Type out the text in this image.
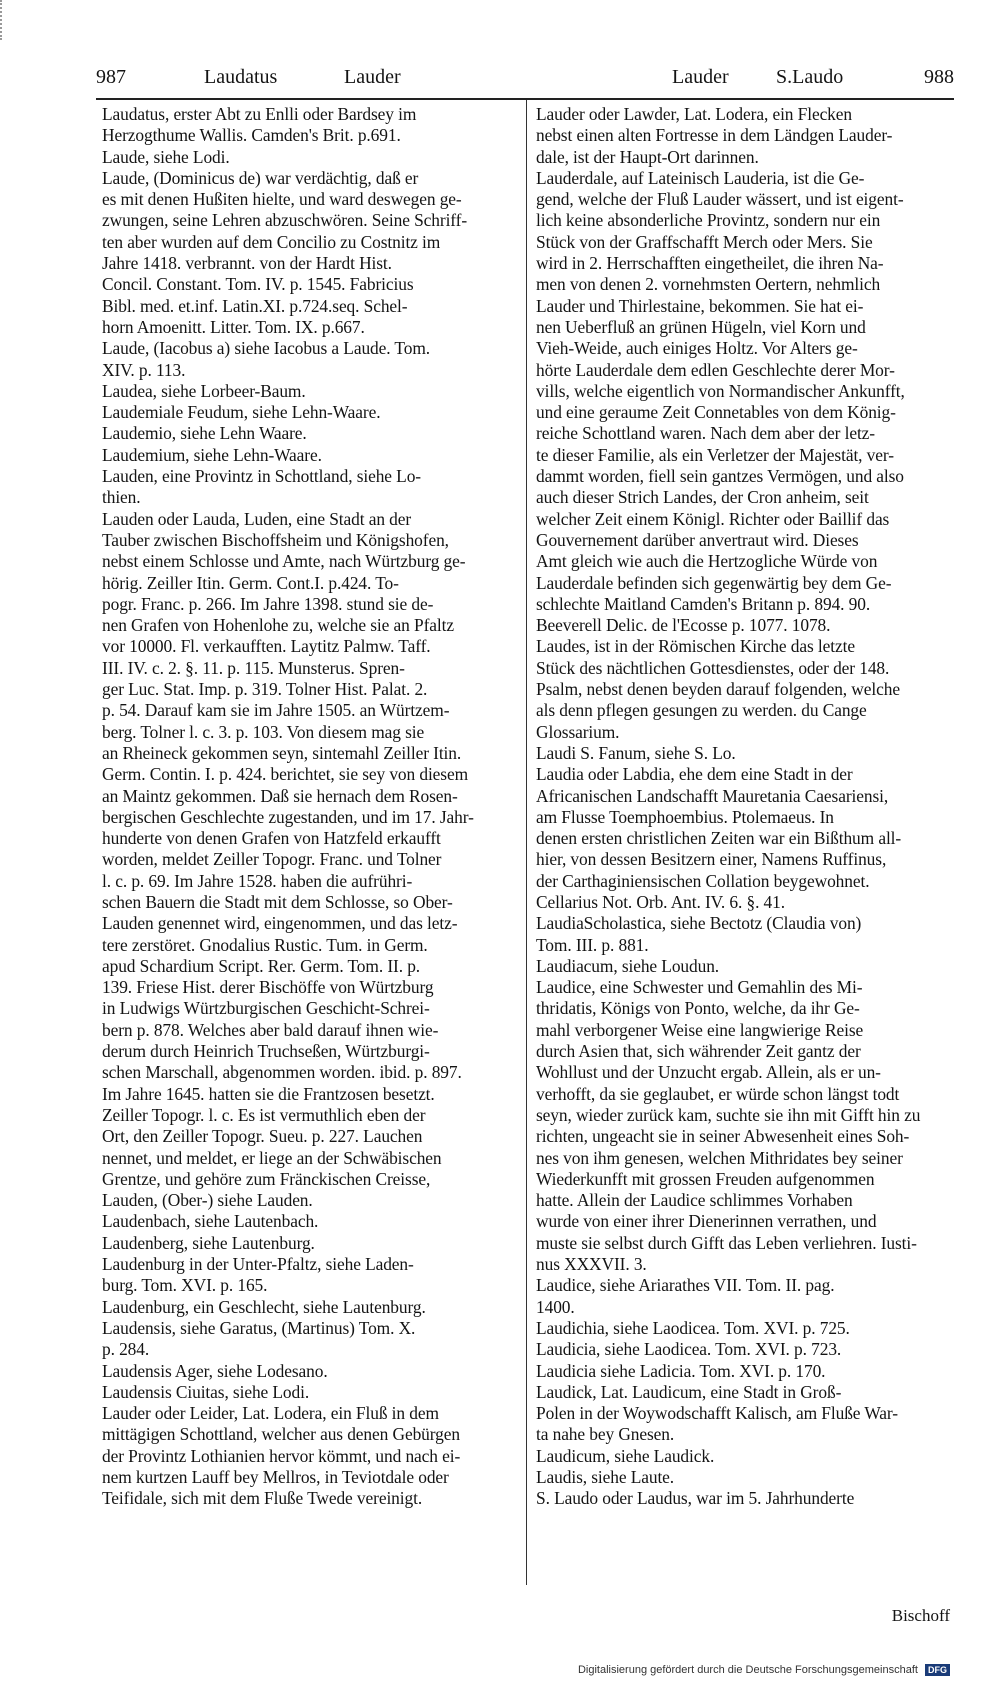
987	Laudatus	Lauder	Lauder S.Laudo	988
Laudatus, erster Abt zu Enlli oder Bardsey im
Herzogthume Wallis. Camden's Brit. p.691.
Laude, siehe Lodi.
Laude, (Dominicus de) war verdächtig, daß er
es mit denen Hußiten hielte, und ward deswegen ge-
zwungen, seine Lehren abzuschwören. Seine Schriff-
ten aber wurden auf dem Concilio zu Costnitz im
Jahre 1418. verbrannt. von der Hardt Hist.
Concil. Constant. Tom. IV. p. 1545. Fabricius
Bibl. med. et.inf. Latin.XI. p.724.seq. Schel-
horn Amoenitt. Litter. Tom. IX. p.667.
Laude, (Iacobus a) siehe Iacobus a Laude. Tom.
XIV. p. 113.
Laudea, siehe Lorbeer-Baum.
Laudemiale Feudum, siehe Lehn-Waare.
Laudemio, siehe Lehn Waare.
Laudemium, siehe Lehn-Waare.
Lauden, eine Provintz in Schottland, siehe Lo-
thien.
Lauden oder Lauda, Luden, eine Stadt an der
Tauber zwischen Bischoffsheim und Königshofen,
nebst einem Schlosse und Amte, nach Würtzburg ge-
hörig. Zeiller Itin. Germ. Cont.I. p.424. To-
pogr. Franc. p. 266. Im Jahre 1398. stund sie de-
nen Grafen von Hohenlohe zu, welche sie an Pfaltz
vor 10000. Fl. verkaufften. Laytitz Palmw. Taff.
III. IV. c. 2. §. 11. p. 115. Munsterus. Spren-
ger Luc. Stat. Imp. p. 319. Tolner Hist. Palat. 2.
p. 54. Darauf kam sie im Jahre 1505. an Würtzem-
berg. Tolner l. c. 3. p. 103. Von diesem mag sie
an Rheineck gekommen seyn, sintemahl Zeiller Itin.
Germ. Contin. I. p. 424. berichtet, sie sey von diesem
an Maintz gekommen. Daß sie hernach dem Rosen-
bergischen Geschlechte zugestanden, und im 17. Jahr-
hunderte von denen Grafen von Hatzfeld erkaufft
worden, meldet Zeiller Topogr. Franc. und Tolner
l. c. p. 69. Im Jahre 1528. haben die aufrühri-
schen Bauern die Stadt mit dem Schlosse, so Ober-
Lauden genennet wird, eingenommen, und das letz-
tere zerstöret. Gnodalius Rustic. Tum. in Germ.
apud Schardium Script. Rer. Germ. Tom. II. p.
139. Friese Hist. derer Bischöffe von Würtzburg
in Ludwigs Würtzburgischen Geschicht-Schrei-
bern p. 878. Welches aber bald darauf ihnen wie-
derum durch Heinrich Truchseßen, Würtzburgi-
schen Marschall, abgenommen worden. ibid. p. 897.
Im Jahre 1645. hatten sie die Frantzosen besetzt.
Zeiller Topogr. l. c. Es ist vermuthlich eben der
Ort, den Zeiller Topogr. Sueu. p. 227. Lauchen
nennet, und meldet, er liege an der Schwäbischen
Grentze, und gehöre zum Fränckischen Creisse,
Lauden, (Ober-) siehe Lauden.
Laudenbach, siehe Lautenbach.
Laudenberg, siehe Lautenburg.
Laudenburg in der Unter-Pfaltz, siehe Laden-
burg. Tom. XVI. p. 165.
Laudenburg, ein Geschlecht, siehe Lautenburg.
Laudensis, siehe Garatus, (Martinus) Tom. X.
p. 284.
Laudensis Ager, siehe Lodesano.
Laudensis Ciuitas, siehe Lodi.
Lauder oder Leider, Lat. Lodera, ein Fluß in dem
mittägigen Schottland, welcher aus denen Gebürgen
der Provintz Lothianien hervor kömmt, und nach ei-
nem kurtzen Lauff bey Mellros, in Teviotdale oder
Teifidale, sich mit dem Fluße Twede vereinigt.
Lauder oder Lawder, Lat. Lodera, ein Flecken
nebst einen alten Fortresse in dem Ländgen Lauder-
dale, ist der Haupt-Ort darinnen.
Lauderdale, auf Lateinisch Lauderia, ist die Ge-
gend, welche der Fluß Lauder wässert, und ist eigent-
lich keine absonderliche Provintz, sondern nur ein
Stück von der Graffschafft Merch oder Mers. Sie
wird in 2. Herrschafften eingetheilet, die ihren Na-
men von denen 2. vornehmsten Oertern, nehmlich
Lauder und Thirlestaine, bekommen. Sie hat ei-
nen Ueberfluß an grünen Hügeln, viel Korn und
Vieh-Weide, auch einiges Holtz. Vor Alters ge-
hörte Lauderdale dem edlen Geschlechte derer Mor-
vills, welche eigentlich von Normandischer Ankunfft,
und eine geraume Zeit Connetables von dem König-
reiche Schottland waren. Nach dem aber der letz-
te dieser Familie, als ein Verletzer der Majestät, ver-
dammt worden, fiell sein gantzes Vermögen, und also
auch dieser Strich Landes, der Cron anheim, seit
welcher Zeit einem Königl. Richter oder Baillif das
Gouvernement darüber anvertraut wird. Dieses
Amt gleich wie auch die Hertzogliche Würde von
Lauderdale befinden sich gegenwärtig bey dem Ge-
schlechte Maitland Camden's Britann p. 894. 90.
Beeverell Delic. de l'Ecosse p. 1077. 1078.
Laudes, ist in der Römischen Kirche das letzte
Stück des nächtlichen Gottesdienstes, oder der 148.
Psalm, nebst denen beyden darauf folgenden, welche
als denn pflegen gesungen zu werden. du Cange
Glossarium.
Laudi S. Fanum, siehe S. Lo.
Laudia oder Labdia, ehe dem eine Stadt in der
Africanischen Landschafft Mauretania Caesariensi,
am Flusse Toemphoembius. Ptolemaeus. In
denen ersten christlichen Zeiten war ein Bißthum all-
hier, von dessen Besitzern einer, Namens Ruffinus,
der Carthaginiensischen Collation beygewohnet.
Cellarius Not. Orb. Ant. IV. 6. §. 41.
LaudiaScholastica, siehe Bectotz (Claudia von)
Tom. III. p. 881.
Laudiacum, siehe Loudun.
Laudice, eine Schwester und Gemahlin des Mi-
thridatis, Königs von Ponto, welche, da ihr Ge-
mahl verborgener Weise eine langwierige Reise
durch Asien that, sich währender Zeit gantz der
Wohllust und der Unzucht ergab. Allein, als er un-
verhofft, da sie geglaubet, er würde schon längst todt
seyn, wieder zurück kam, suchte sie ihn mit Gifft hin zu
richten, ungeacht sie in seiner Abwesenheit eines Soh-
nes von ihm genesen, welchen Mithridates bey seiner
Wiederkunfft mit grossen Freuden aufgenommen
hatte. Allein der Laudice schlimmes Vorhaben
wurde von einer ihrer Dienerinnen verrathen, und
muste sie selbst durch Gifft das Leben verliehren. Iusti-
nus XXXVII. 3.
Laudice, siehe Ariarathes VII. Tom. II. pag.
1400.
Laudichia, siehe Laodicea. Tom. XVI. p. 725.
Laudicia, siehe Laodicea. Tom. XVI. p. 723.
Laudicia siehe Ladicia. Tom. XVI. p. 170.
Laudick, Lat. Laudicum, eine Stadt in Groß-
Polen in der Woywodschafft Kalisch, am Fluße War-
ta nahe bey Gnesen.
Laudicum, siehe Laudick.
Laudis, siehe Laute.
S. Laudo oder Laudus, war im 5. Jahrhunderte
Bischoff
Digitalisierung gefördert durch die Deutsche Forschungsgemeinschaft DFG
